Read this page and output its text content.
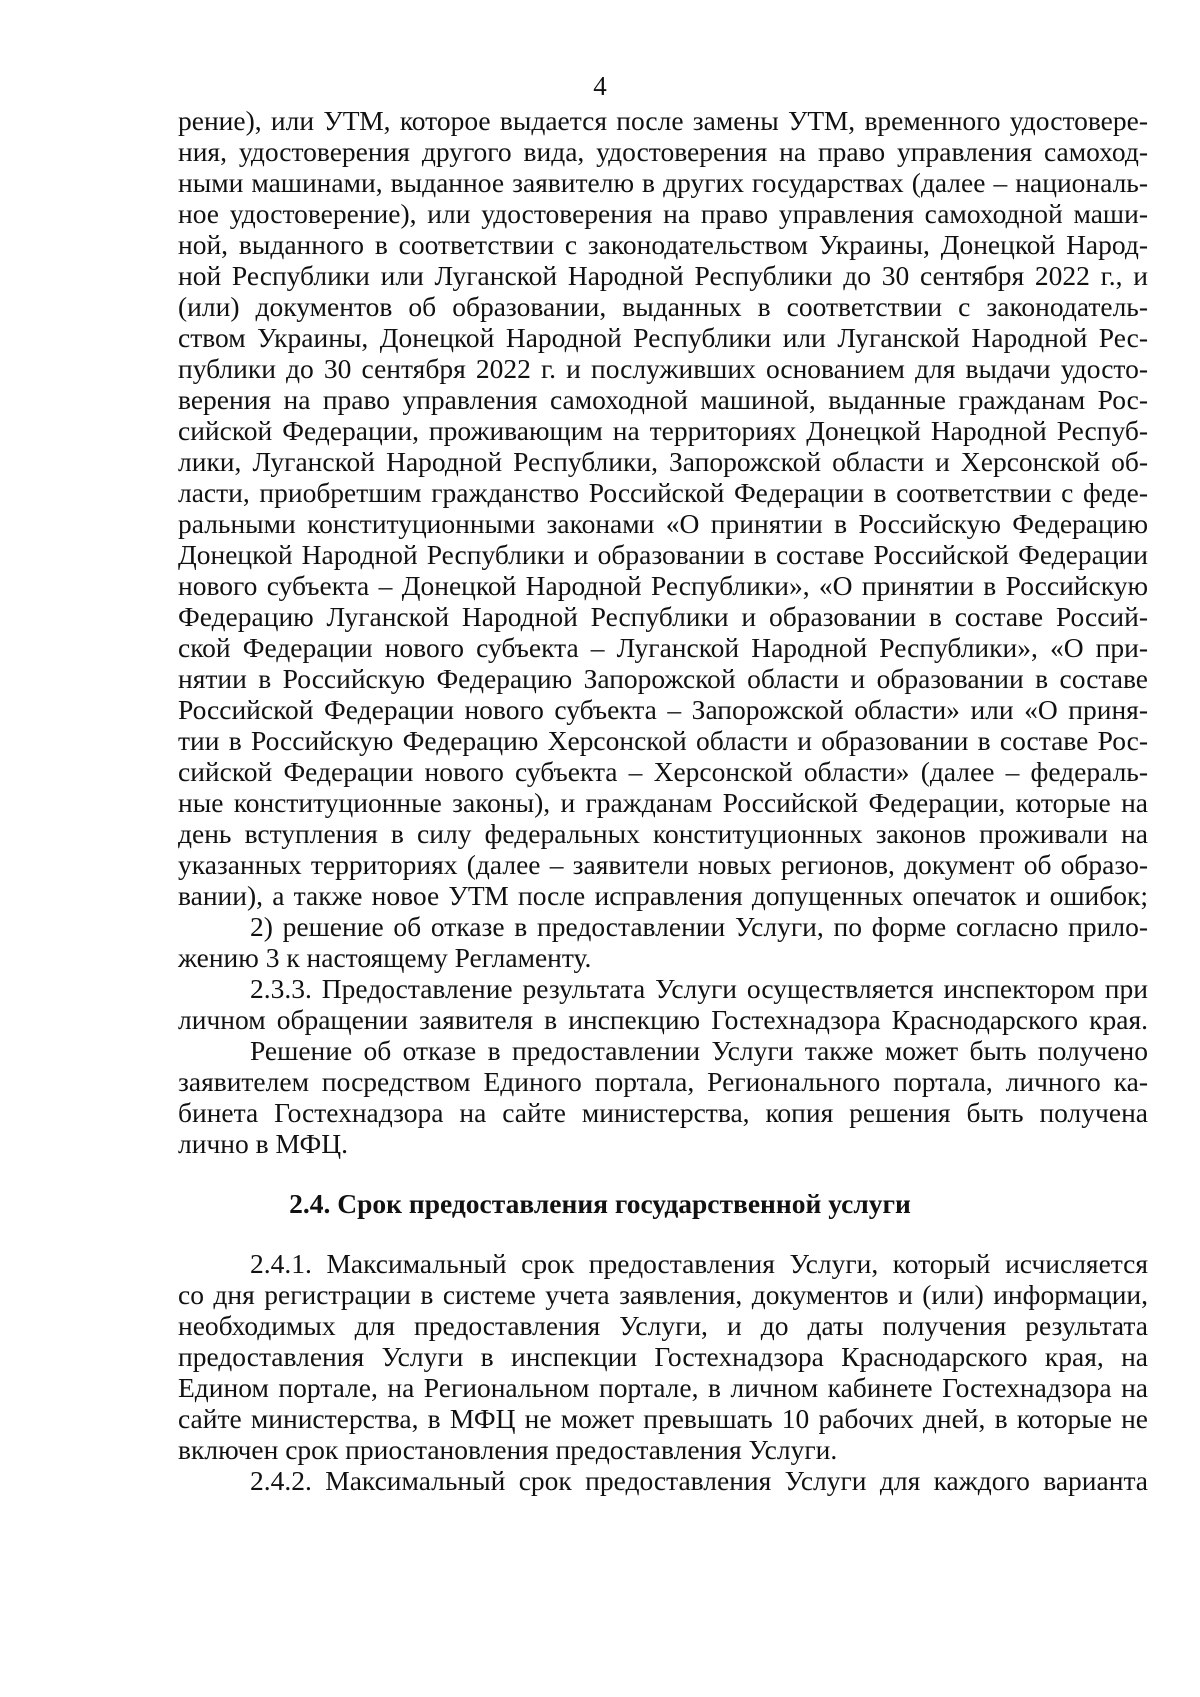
4
рение), или УТМ, которое выдается после замены УТМ, временного удостовере-
ния, удостоверения другого вида, удостоверения на право управления самоход-
ными машинами, выданное заявителю в других государствах (далее – националь-
ное удостоверение), или удостоверения на право управления самоходной маши-
ной, выданного в соответствии с законодательством Украины, Донецкой Народ-
ной Республики или Луганской Народной Республики до 30 сентября 2022 г., и
(или) документов об образовании, выданных в соответствии с законодатель-
ством Украины, Донецкой Народной Республики или Луганской Народной Рес-
публики до 30 сентября 2022 г. и послуживших основанием для выдачи удосто-
верения на право управления самоходной машиной, выданные гражданам Рос-
сийской Федерации, проживающим на территориях Донецкой Народной Респуб-
лики, Луганской Народной Республики, Запорожской области и Херсонской об-
ласти, приобретшим гражданство Российской Федерации в соответствии с феде-
ральными конституционными законами «О принятии в Российскую Федерацию
Донецкой Народной Республики и образовании в составе Российской Федерации
нового субъекта – Донецкой Народной Республики», «О принятии в Российскую
Федерацию Луганской Народной Республики и образовании в составе Россий-
ской Федерации нового субъекта – Луганской Народной Республики», «О при-
нятии в Российскую Федерацию Запорожской области и образовании в составе
Российской Федерации нового субъекта – Запорожской области» или «О приня-
тии в Российскую Федерацию Херсонской области и образовании в составе Рос-
сийской Федерации нового субъекта – Херсонской области» (далее – федераль-
ные конституционные законы), и гражданам Российской Федерации, которые на
день вступления в силу федеральных конституционных законов проживали на
указанных территориях (далее – заявители новых регионов, документ об образо-
вании), а также новое УТМ после исправления допущенных опечаток и ошибок;
2) решение об отказе в предоставлении Услуги, по форме согласно прило-
жению 3 к настоящему Регламенту.
2.3.3. Предоставление результата Услуги осуществляется инспектором при
личном обращении заявителя в инспекцию Гостехнадзора Краснодарского края.
Решение об отказе в предоставлении Услуги также может быть получено
заявителем посредством Единого портала, Регионального портала, личного ка-
бинета Гостехнадзора на сайте министерства, копия решения быть получена
лично в МФЦ.
2.4. Срок предоставления государственной услуги
2.4.1. Максимальный срок предоставления Услуги, который исчисляется
со дня регистрации в системе учета заявления, документов и (или) информации,
необходимых для предоставления Услуги, и до даты получения результата
предоставления Услуги в инспекции Гостехнадзора Краснодарского края, на
Едином портале, на Региональном портале, в личном кабинете Гостехнадзора на
сайте министерства, в МФЦ не может превышать 10 рабочих дней, в которые не
включен срок приостановления предоставления Услуги.
2.4.2. Максимальный срок предоставления Услуги для каждого варианта
